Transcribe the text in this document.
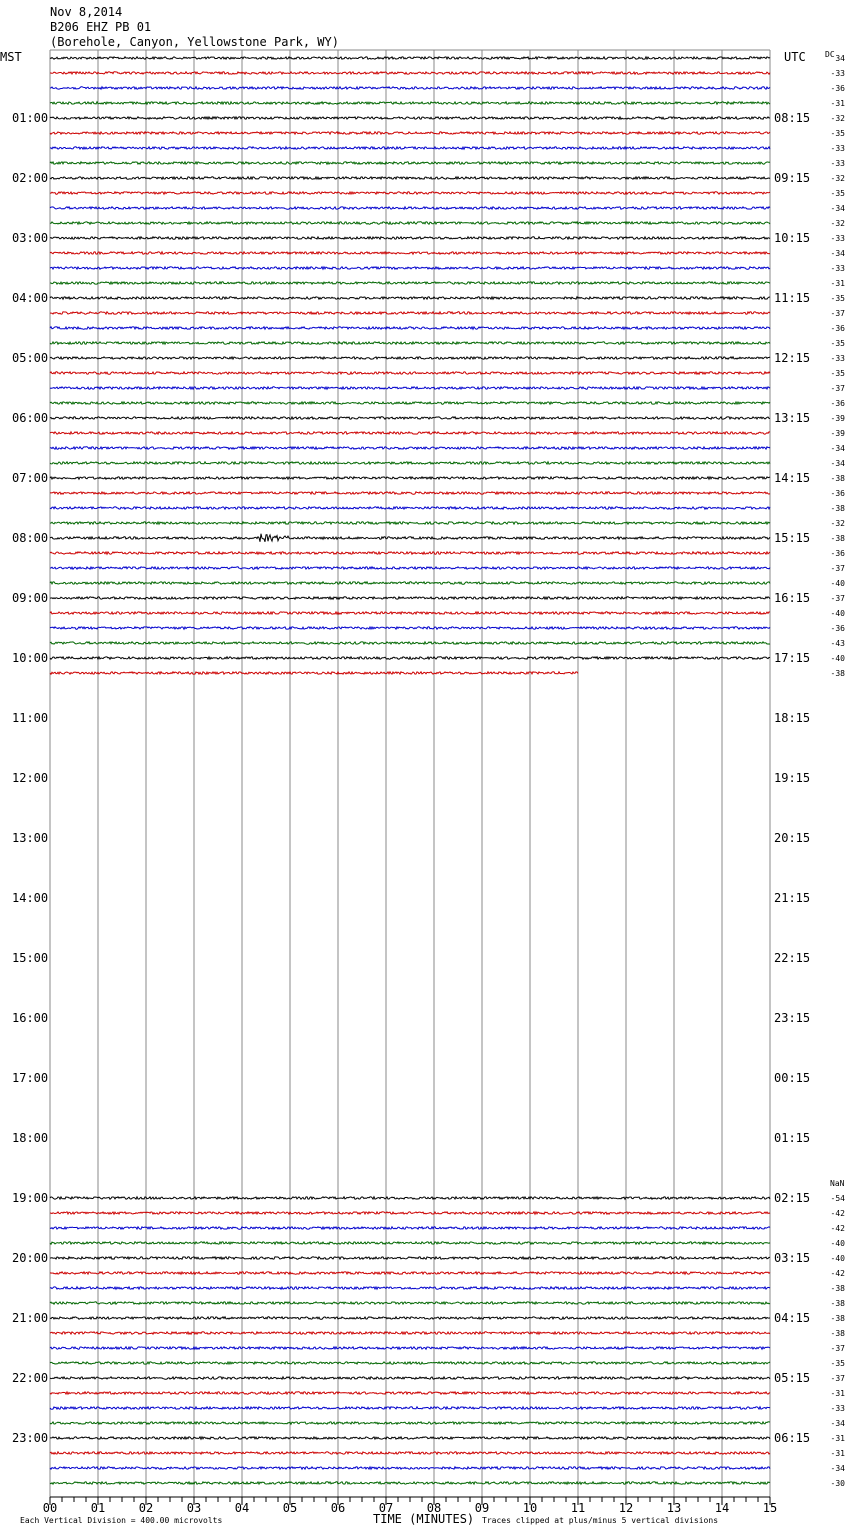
Nov 8,2014
B206 EHZ PB 01
(Borehole, Canyon, Yellowstone Park, WY)
MST	UTC DC
NaN
01:00
02:00
03:00
04:00
05:00
06:00
07:00
08:00
09:00
10:00
11:00
12:00
13:00
14:00
15:00
16:00
17:00
18:00
19:00
20:00
21:00
22:00
23:00
08:15
09:15
10:15
11:15
12:15
13:15
14:15
15:15
16:15
17:15
18:15
19:15
20:15
21:15
22:15
23:15
00:15
01:15
02:15
03:15
04:15
05:15
06:15
34
-33
-36
-31
-32
-35
-33
-33
-32
-35
-34
-32
-33
-34
-33
-31
-35
-37
-36
-35
-33
-35
-37
-36
-39
-39
-34
-34
-38
-36
-38
-32
-38
-36
-37
-40
-37
-40
-36
-43
-40
-38
-54
-42
-42
-40
-40
-42
-38
-38
-38
-38
-37
-35
-37
-31
-33
-34
-31
-31
-34
-30
00	01	02	03	04	05	06	07	08	09	10	11	12	13	14	15
Each Vertical Division = 400.00 microvolts	TIME (MINUTES) Traces clipped at plus/minus 5 vertical divisions
